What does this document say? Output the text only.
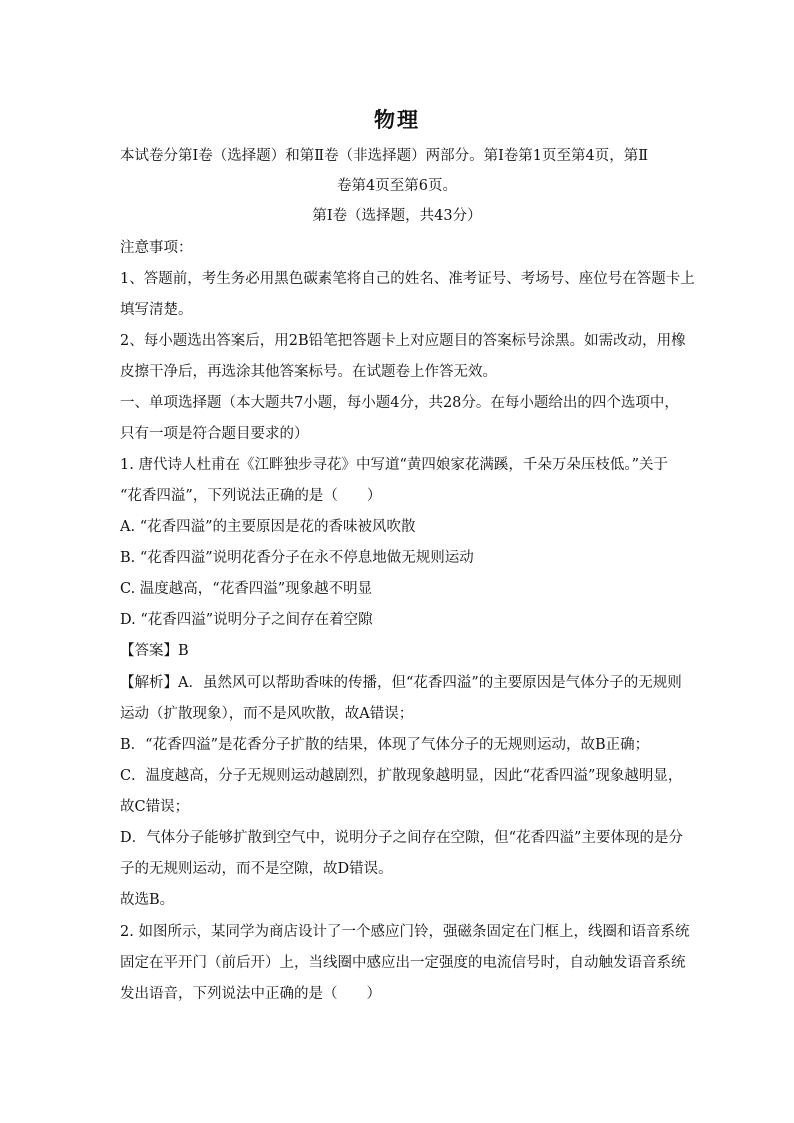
物理
本试卷分第Ⅰ卷（选择题）和第Ⅱ卷（非选择题）两部分。第Ⅰ卷第1页至第4页，第Ⅱ
卷第4页至第6页。
第Ⅰ卷（选择题，共43分）
注意事项：
1、答题前，考生务必用黑色碳素笔将自己的姓名、准考证号、考场号、座位号在答题卡上
填写清楚。
2、每小题选出答案后，用2B铅笔把答题卡上对应题目的答案标号涂黑。如需改动，用橡
皮擦干净后，再选涂其他答案标号。在试题卷上作答无效。
一、单项选择题（本大题共7小题，每小题4分，共28分。在每小题给出的四个选项中，
只有一项是符合题目要求的）
1. 唐代诗人杜甫在《江畔独步寻花》中写道“黄四娘家花满蹊，千朵万朵压枝低。”关于
“花香四溢”，下列说法正确的是（　　）
A. “花香四溢”的主要原因是花的香味被风吹散
B. “花香四溢”说明花香分子在永不停息地做无规则运动
C. 温度越高，“花香四溢”现象越不明显
D. “花香四溢”说明分子之间存在着空隙
【答案】B
【解析】A．虽然风可以帮助香味的传播，但“花香四溢”的主要原因是气体分子的无规则
运动（扩散现象），而不是风吹散，故A错误；
B．“花香四溢”是花香分子扩散的结果，体现了气体分子的无规则运动，故B正确；
C．温度越高，分子无规则运动越剧烈，扩散现象越明显，因此“花香四溢”现象越明显，
故C错误；
D．气体分子能够扩散到空气中，说明分子之间存在空隙，但“花香四溢”主要体现的是分
子的无规则运动，而不是空隙，故D错误。
故选B。
2. 如图所示，某同学为商店设计了一个感应门铃，强磁条固定在门框上，线圈和语音系统
固定在平开门（前后开）上，当线圈中感应出一定强度的电流信号时，自动触发语音系统
发出语音，下列说法中正确的是（　　）
